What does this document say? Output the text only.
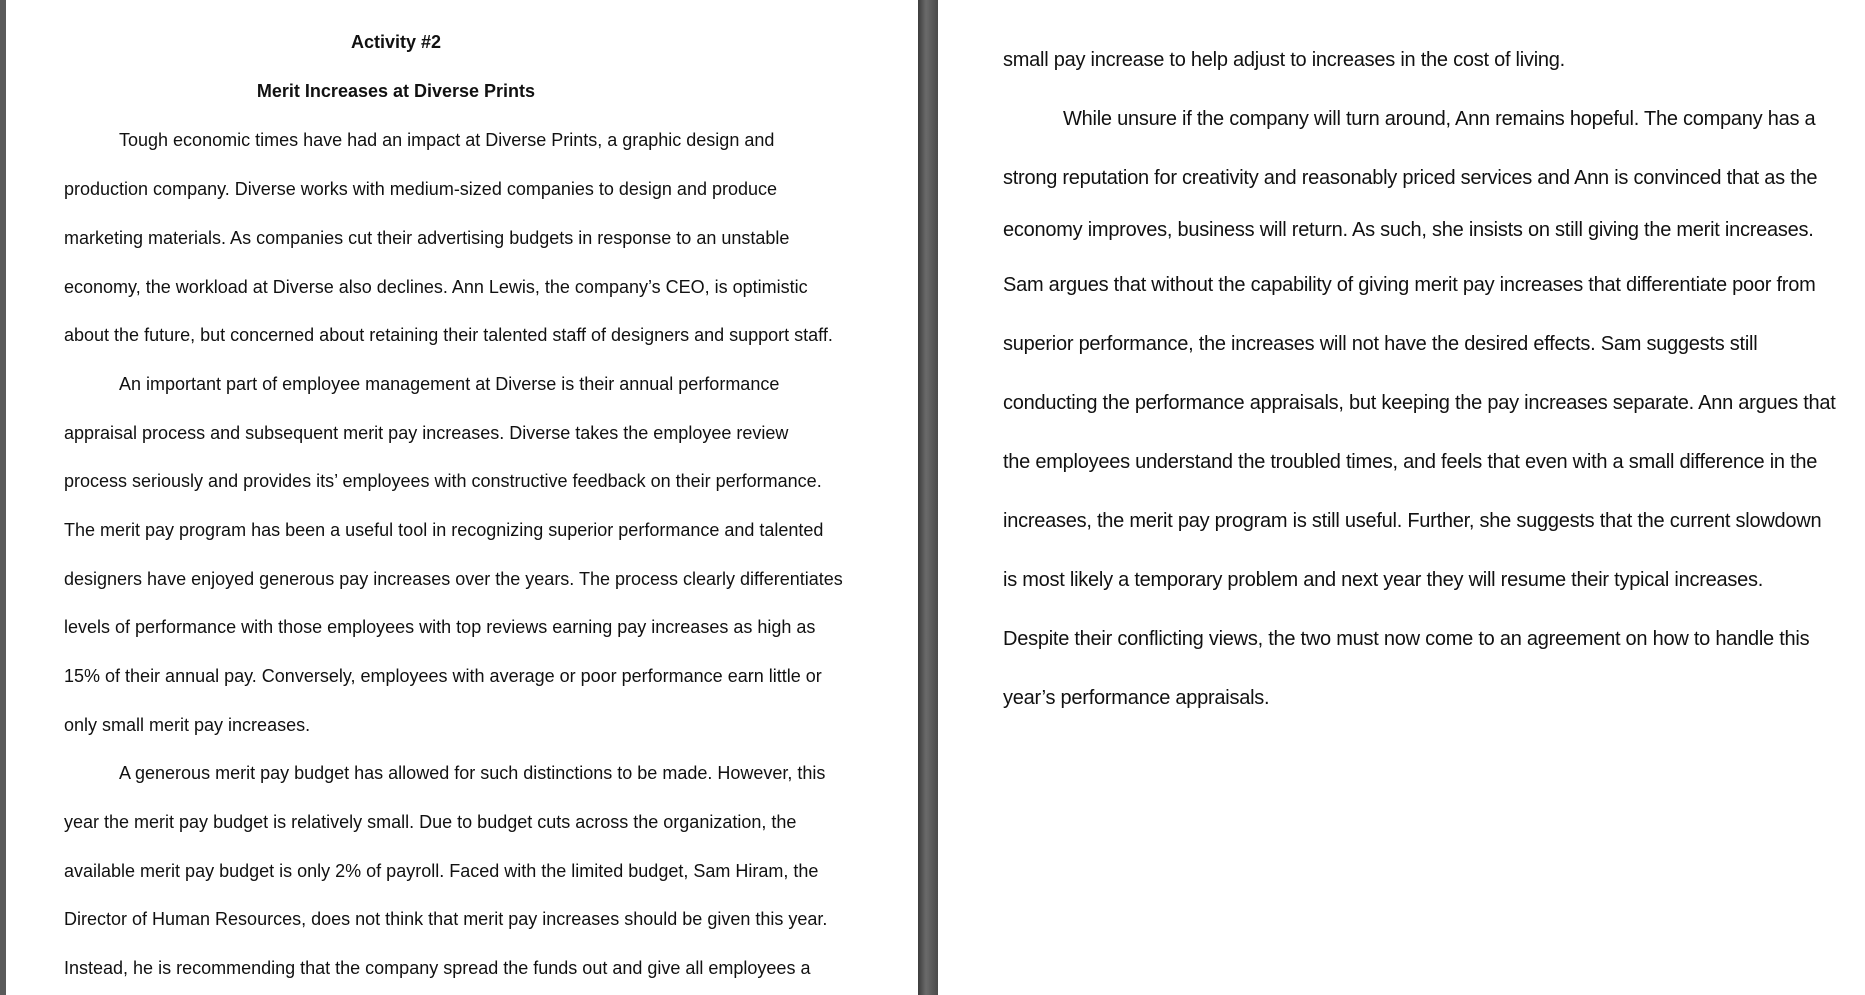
Activity #2
Merit Increases at Diverse Prints
Tough economic times have had an impact at Diverse Prints, a graphic design and
production company. Diverse works with medium-sized companies to design and produce
marketing materials. As companies cut their advertising budgets in response to an unstable
economy, the workload at Diverse also declines. Ann Lewis, the company’s CEO, is optimistic
about the future, but concerned about retaining their talented staff of designers and support staff.
An important part of employee management at Diverse is their annual performance
appraisal process and subsequent merit pay increases. Diverse takes the employee review
process seriously and provides its’ employees with constructive feedback on their performance.
The merit pay program has been a useful tool in recognizing superior performance and talented
designers have enjoyed generous pay increases over the years. The process clearly differentiates
levels of performance with those employees with top reviews earning pay increases as high as
15% of their annual pay. Conversely, employees with average or poor performance earn little or
only small merit pay increases.
A generous merit pay budget has allowed for such distinctions to be made. However, this
year the merit pay budget is relatively small. Due to budget cuts across the organization, the
available merit pay budget is only 2% of payroll. Faced with the limited budget, Sam Hiram, the
Director of Human Resources, does not think that merit pay increases should be given this year.
Instead, he is recommending that the company spread the funds out and give all employees a
small pay increase to help adjust to increases in the cost of living.
While unsure if the company will turn around, Ann remains hopeful. The company has a
strong reputation for creativity and reasonably priced services and Ann is convinced that as the
economy improves, business will return. As such, she insists on still giving the merit increases.
Sam argues that without the capability of giving merit pay increases that differentiate poor from
superior performance, the increases will not have the desired effects. Sam suggests still
conducting the performance appraisals, but keeping the pay increases separate. Ann argues that
the employees understand the troubled times, and feels that even with a small difference in the
increases, the merit pay program is still useful. Further, she suggests that the current slowdown
is most likely a temporary problem and next year they will resume their typical increases.
Despite their conflicting views, the two must now come to an agreement on how to handle this
year’s performance appraisals.
